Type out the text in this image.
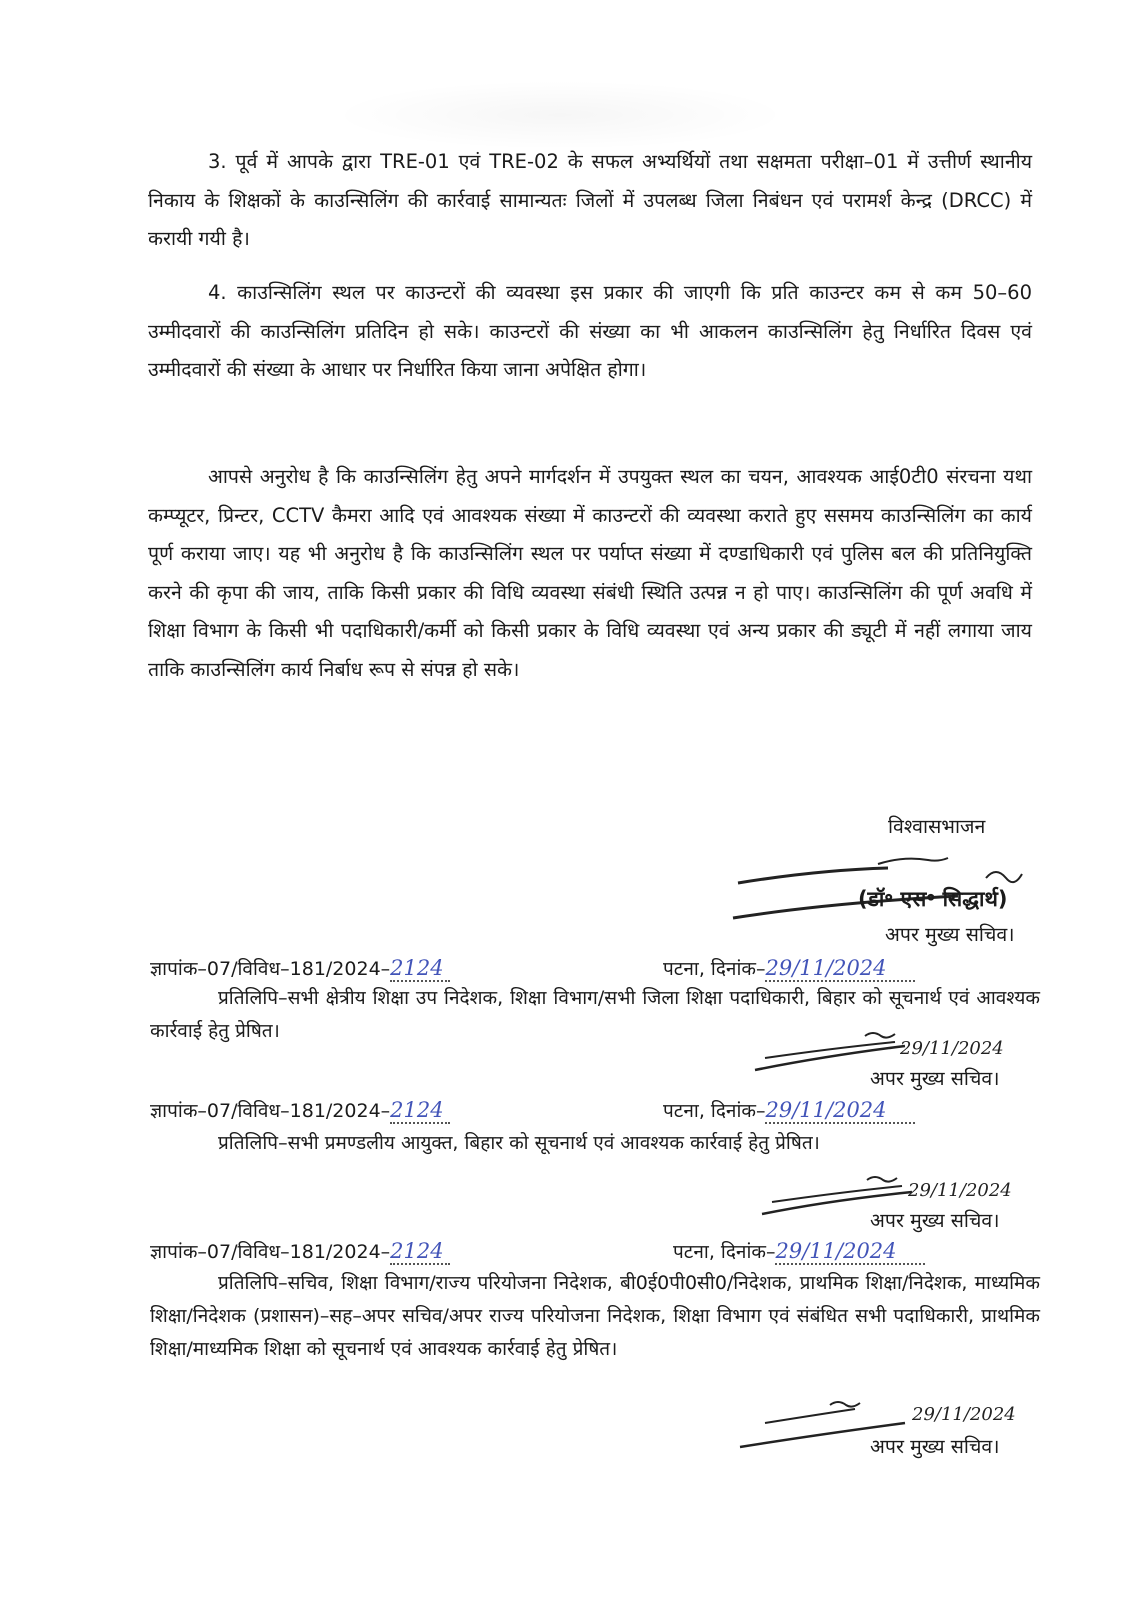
3. पूर्व में आपके द्वारा TRE-01 एवं TRE-02 के सफल अभ्यर्थियों तथा सक्षमता परीक्षा–01 में उत्तीर्ण स्थानीय निकाय के शिक्षकों के काउन्सिलिंग की कार्रवाई सामान्यतः जिलों में उपलब्ध जिला निबंधन एवं परामर्श केन्द्र (DRCC) में करायी गयी है।

4. काउन्सिलिंग स्थल पर काउन्टरों की व्यवस्था इस प्रकार की जाएगी कि प्रति काउन्टर कम से कम 50–60 उम्मीदवारों की काउन्सिलिंग प्रतिदिन हो सके। काउन्टरों की संख्या का भी आकलन काउन्सिलिंग हेतु निर्धारित दिवस एवं उम्मीदवारों की संख्या के आधार पर निर्धारित किया जाना अपेक्षित होगा।

आपसे अनुरोध है कि काउन्सिलिंग हेतु अपने मार्गदर्शन में उपयुक्त स्थल का चयन, आवश्यक आई0टी0 संरचना यथा कम्प्यूटर, प्रिन्टर, CCTV कैमरा आदि एवं आवश्यक संख्या में काउन्टरों की व्यवस्था कराते हुए ससमय काउन्सिलिंग का कार्य पूर्ण कराया जाए। यह भी अनुरोध है कि काउन्सिलिंग स्थल पर पर्याप्त संख्या में दण्डाधिकारी एवं पुलिस बल की प्रतिनियुक्ति करने की कृपा की जाय, ताकि किसी प्रकार की विधि व्यवस्था संबंधी स्थिति उत्पन्न न हो पाए। काउन्सिलिंग की पूर्ण अवधि में शिक्षा विभाग के किसी भी पदाधिकारी/कर्मी को किसी प्रकार के विधि व्यवस्था एवं अन्य प्रकार की ड्यूटी में नहीं लगाया जाय ताकि काउन्सिलिंग कार्य निर्बाध रूप से संपन्न हो सके।

विश्वासभाजन
(डॉ॰ एस॰ सिद्धार्थ)
अपर मुख्य सचिव।
ज्ञापांक–07/विविध–181/2024–2124	पटना, दिनांक–29/11/2024

प्रतिलिपि–सभी क्षेत्रीय शिक्षा उप निदेशक, शिक्षा विभाग/सभी जिला शिक्षा पदाधिकारी, बिहार को सूचनार्थ एवं आवश्यक कार्रवाई हेतु प्रेषित।

29/11/2024
अपर मुख्य सचिव।
ज्ञापांक–07/विविध–181/2024–2124	पटना, दिनांक–29/11/2024

प्रतिलिपि–सभी प्रमण्डलीय आयुक्त, बिहार को सूचनार्थ एवं आवश्यक कार्रवाई हेतु प्रेषित।

29/11/2024
अपर मुख्य सचिव।
ज्ञापांक–07/विविध–181/2024–2124	पटना, दिनांक–29/11/2024

प्रतिलिपि–सचिव, शिक्षा विभाग/राज्य परियोजना निदेशक, बी0ई0पी0सी0/निदेशक, प्राथमिक शिक्षा/निदेशक, माध्यमिक शिक्षा/निदेशक (प्रशासन)–सह–अपर सचिव/अपर राज्य परियोजना निदेशक, शिक्षा विभाग एवं संबंधित सभी पदाधिकारी, प्राथमिक शिक्षा/माध्यमिक शिक्षा को सूचनार्थ एवं आवश्यक कार्रवाई हेतु प्रेषित।

29/11/2024
अपर मुख्य सचिव।
